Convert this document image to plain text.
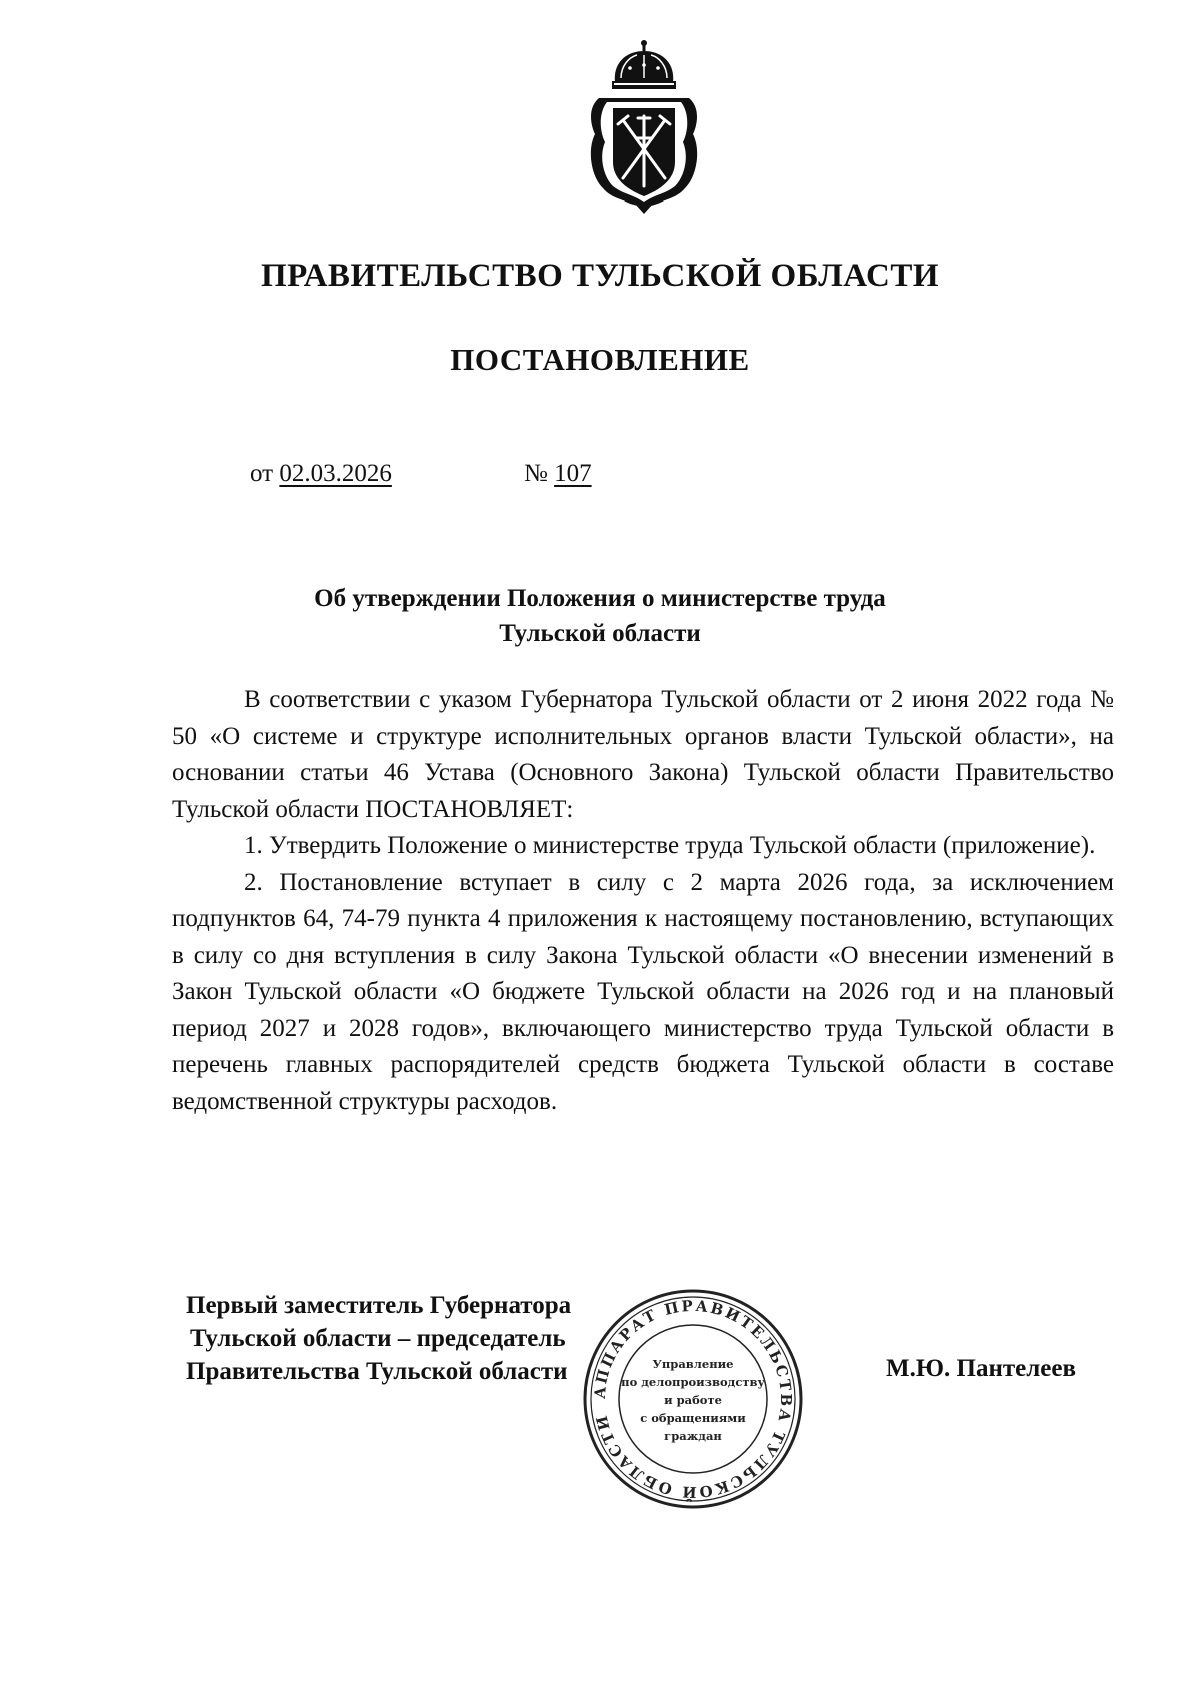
ПРАВИТЕЛЬСТВО ТУЛЬСКОЙ ОБЛАСТИ
ПОСТАНОВЛЕНИЕ
от 02.03.2026	№ 107
Об утверждении Положения о министерстве труда
Тульской области

В соответствии с указом Губернатора Тульской области от 2 июня 2022 года № 50 «О системе и структуре исполнительных органов власти Тульской области», на основании статьи 46 Устава (Основного Закона) Тульской области Правительство Тульской области ПОСТАНОВЛЯЕТ:

1. Утвердить Положение о министерстве труда Тульской области (приложение).

2. Постановление вступает в силу с 2 марта 2026 года, за исключением подпунктов 64, 74-79 пункта 4 приложения к настоящему постановлению, вступающих в силу со дня вступления в силу Закона Тульской области «О внесении изменений в Закон Тульской области «О бюджете Тульской области на 2026 год и на плановый период 2027 и 2028 годов», включающего министерство труда Тульской области в перечень главных распорядителей средств бюджета Тульской области в составе ведомственной структуры расходов.

Первый заместитель Губернатора
Тульской области – председатель
Правительства Тульской области
АППАРАТ ПРАВИТЕЛЬСТВА ТУЛЬСКОЙ ОБЛАСТИ
Управление
по делопроизводству
и работе
с обращениями
граждан
М.Ю. Пантелеев
